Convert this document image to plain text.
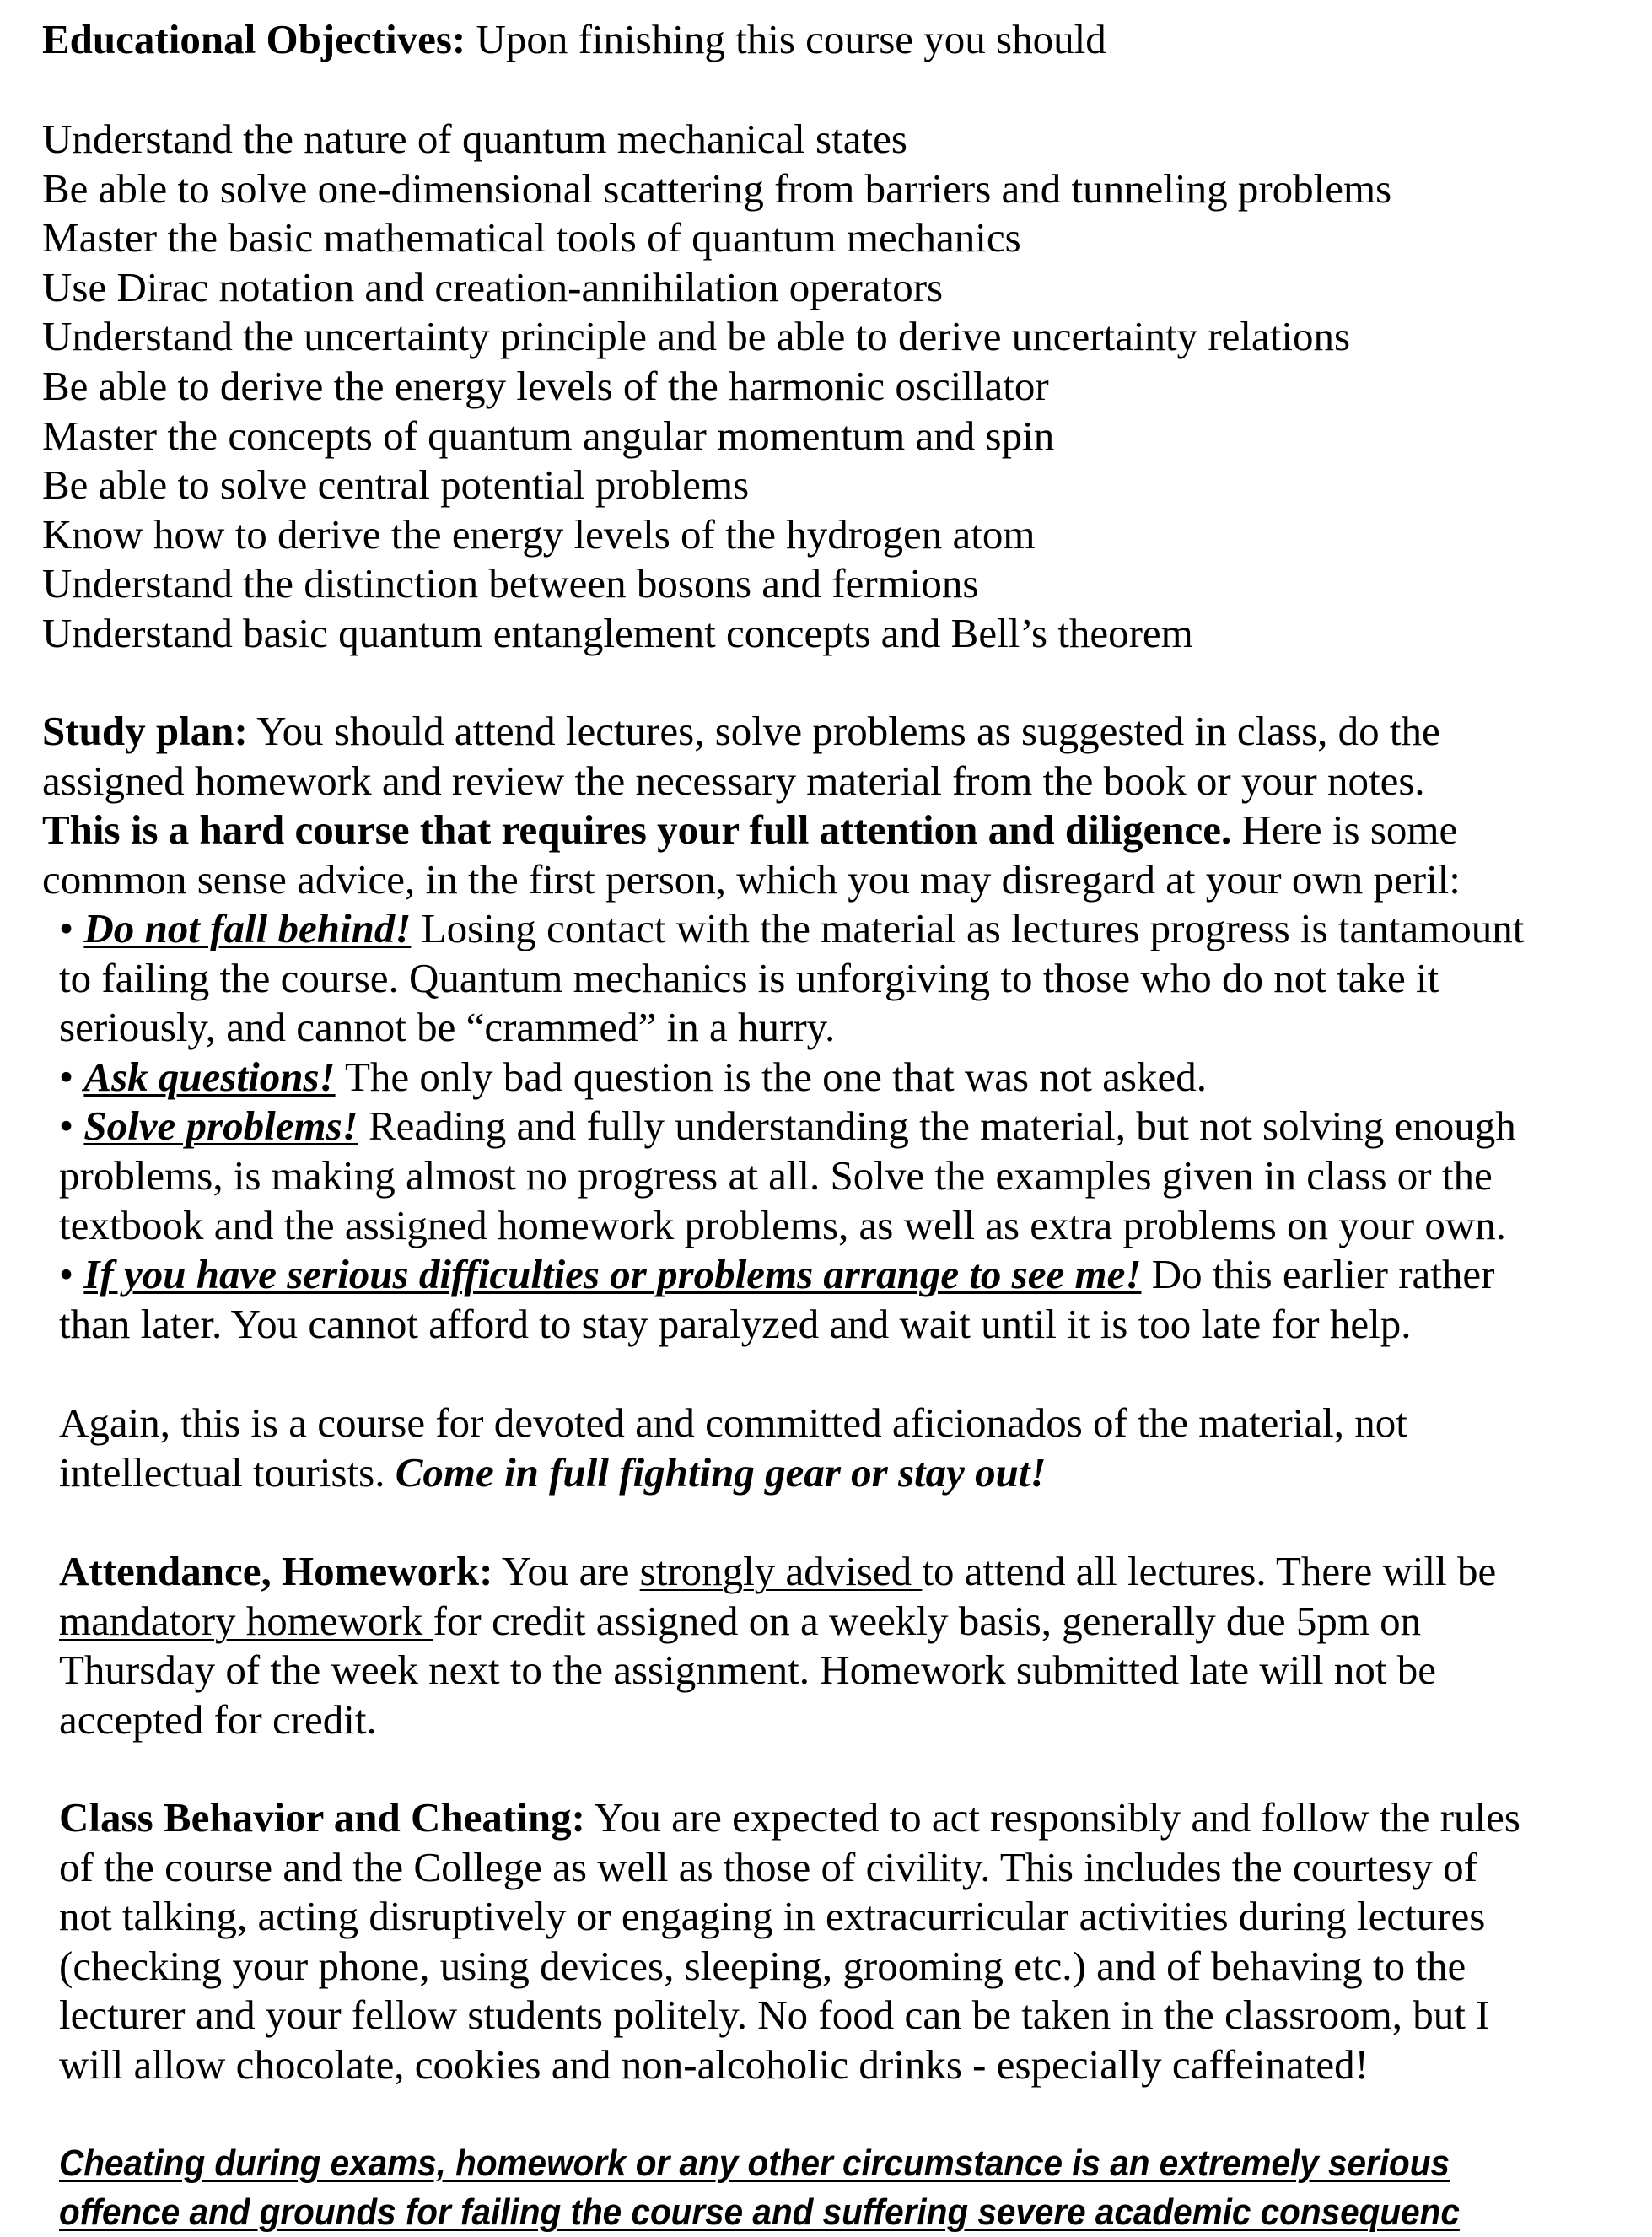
Educational Objectives: Upon finishing this course you should
Understand the nature of quantum mechanical states
Be able to solve one-dimensional scattering from barriers and tunneling problems
Master the basic mathematical tools of quantum mechanics
Use Dirac notation and creation-annihilation operators
Understand the uncertainty principle and be able to derive uncertainty relations
Be able to derive the energy levels of the harmonic oscillator
Master the concepts of quantum angular momentum and spin
Be able to solve central potential problems
Know how to derive the energy levels of the hydrogen atom
Understand the distinction between bosons and fermions
Understand basic quantum entanglement concepts and Bell’s theorem
Study plan: You should attend lectures, solve problems as suggested in class, do the
assigned homework and review the necessary material from the book or your notes.
This is a hard course that requires your full attention and diligence. Here is some
common sense advice, in the first person, which you may disregard at your own peril:
• Do not fall behind! Losing contact with the material as lectures progress is tantamount
to failing the course. Quantum mechanics is unforgiving to those who do not take it
seriously, and cannot be “crammed” in a hurry.
• Ask questions! The only bad question is the one that was not asked.
• Solve problems! Reading and fully understanding the material, but not solving enough
problems, is making almost no progress at all. Solve the examples given in class or the
textbook and the assigned homework problems, as well as extra problems on your own.
• If you have serious difficulties or problems arrange to see me! Do this earlier rather
than later. You cannot afford to stay paralyzed and wait until it is too late for help.
Again, this is a course for devoted and committed aficionados of the material, not
intellectual tourists. Come in full fighting gear or stay out!
Attendance, Homework: You are strongly advised to attend all lectures. There will be
mandatory homework for credit assigned on a weekly basis, generally due 5pm on
Thursday of the week next to the assignment. Homework submitted late will not be
accepted for credit.
Class Behavior and Cheating: You are expected to act responsibly and follow the rules
of the course and the College as well as those of civility. This includes the courtesy of
not talking, acting disruptively or engaging in extracurricular activities during lectures
(checking your phone, using devices, sleeping, grooming etc.) and of behaving to the
lecturer and your fellow students politely. No food can be taken in the classroom, but I
will allow chocolate, cookies and non-alcoholic drinks - especially caffeinated!
Cheating during exams, homework or any other circumstance is an extremely serious
offence and grounds for failing the course and suffering severe academic consequenc
